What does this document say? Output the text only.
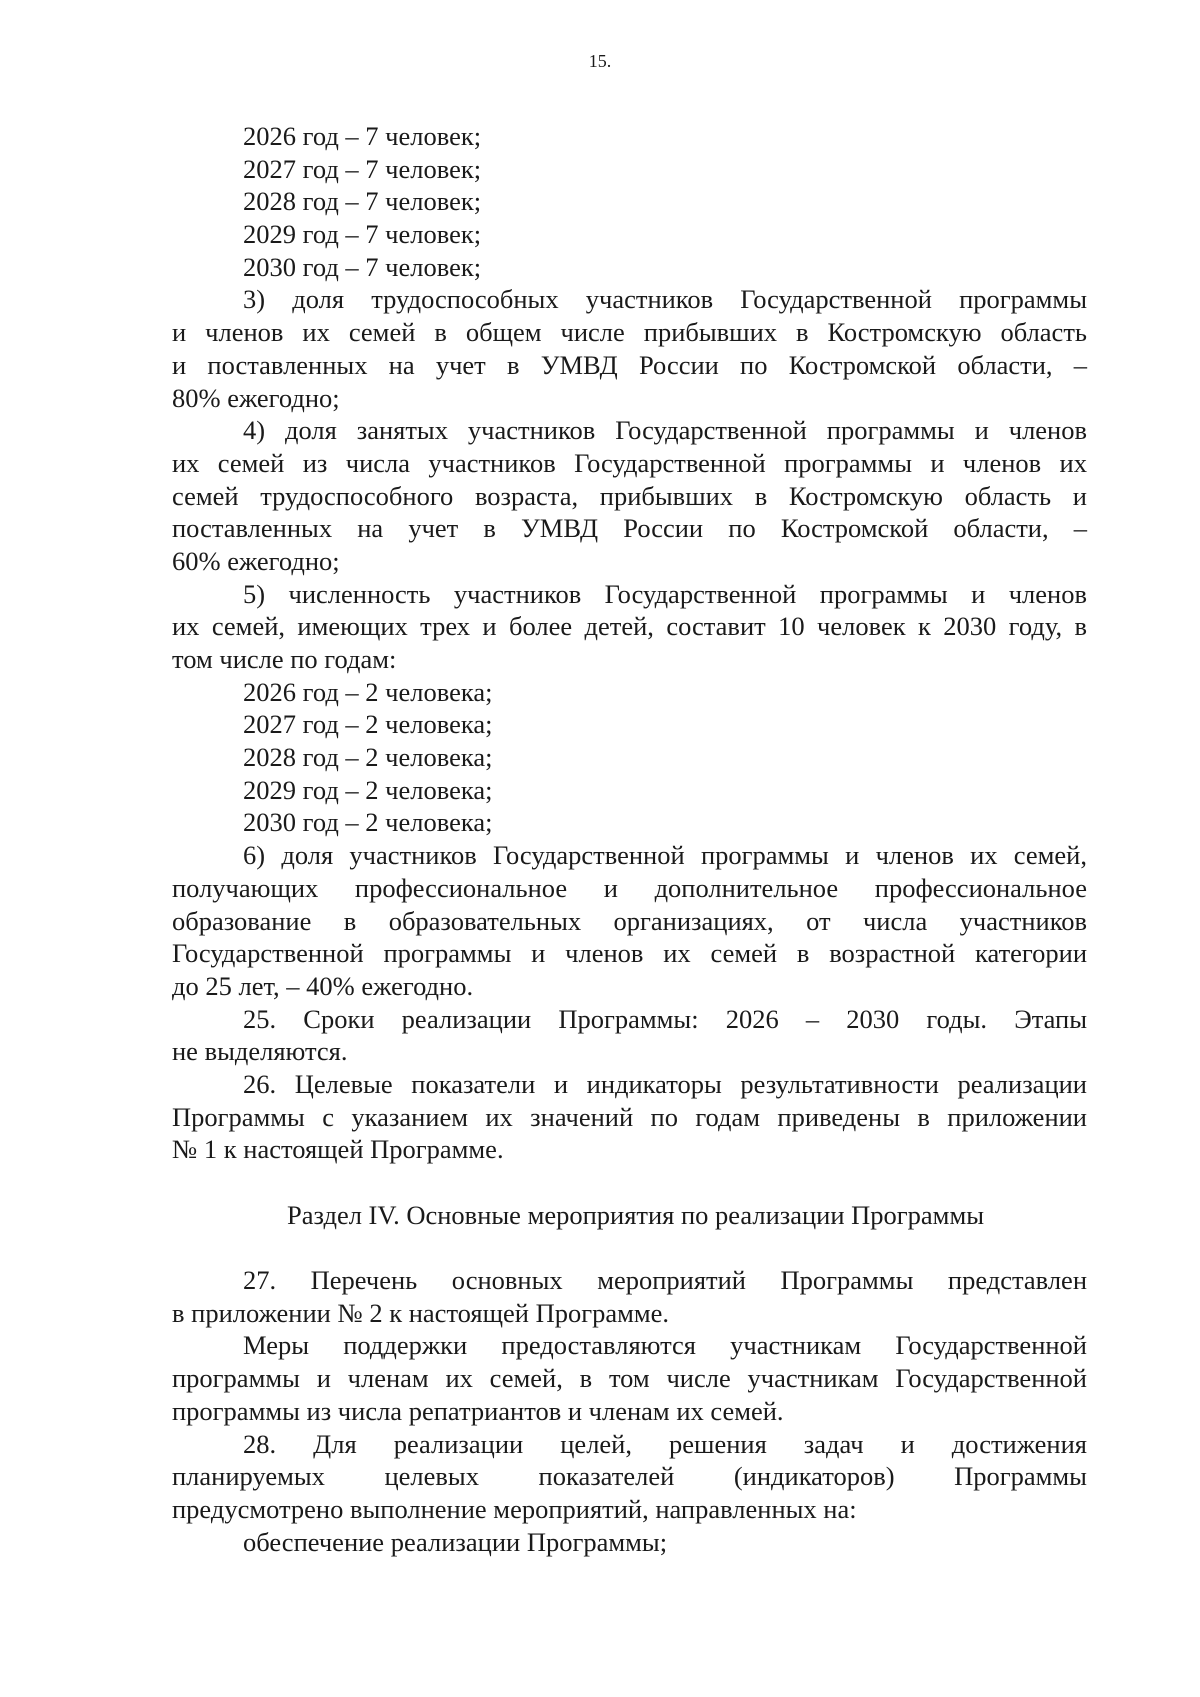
15.
2026 год – 7 человек;
2027 год – 7 человек;
2028 год – 7 человек;
2029 год – 7 человек;
2030 год – 7 человек;
3) доля трудоспособных участников Государственной программы
и членов их семей в общем числе прибывших в Костромскую область
и поставленных на учет в УМВД России по Костромской области, –
80% ежегодно;
4) доля занятых участников Государственной программы и членов
их семей из числа участников Государственной программы и членов их
семей трудоспособного возраста, прибывших в Костромскую область и
поставленных на учет в УМВД России по Костромской области, –
60% ежегодно;
5) численность участников Государственной программы и членов
их семей, имеющих трех и более детей, составит 10 человек к 2030 году, в
том числе по годам:
2026 год – 2 человека;
2027 год – 2 человека;
2028 год – 2 человека;
2029 год – 2 человека;
2030 год – 2 человека;
6) доля участников Государственной программы и членов их семей,
получающих профессиональное и дополнительное профессиональное
образование в образовательных организациях, от числа участников
Государственной программы и членов их семей в возрастной категории
до 25 лет, – 40% ежегодно.
25. Сроки реализации Программы: 2026 – 2030 годы. Этапы
не выделяются.
26. Целевые показатели и индикаторы результативности реализации
Программы с указанием их значений по годам приведены в приложении
№ 1 к настоящей Программе.
Раздел IV. Основные мероприятия по реализации Программы
27. Перечень основных мероприятий Программы представлен
в приложении № 2 к настоящей Программе.
Меры поддержки предоставляются участникам Государственной
программы и членам их семей, в том числе участникам Государственной
программы из числа репатриантов и членам их семей.
28. Для реализации целей, решения задач и достижения
планируемых целевых показателей (индикаторов) Программы
предусмотрено выполнение мероприятий, направленных на:
обеспечение реализации Программы;
